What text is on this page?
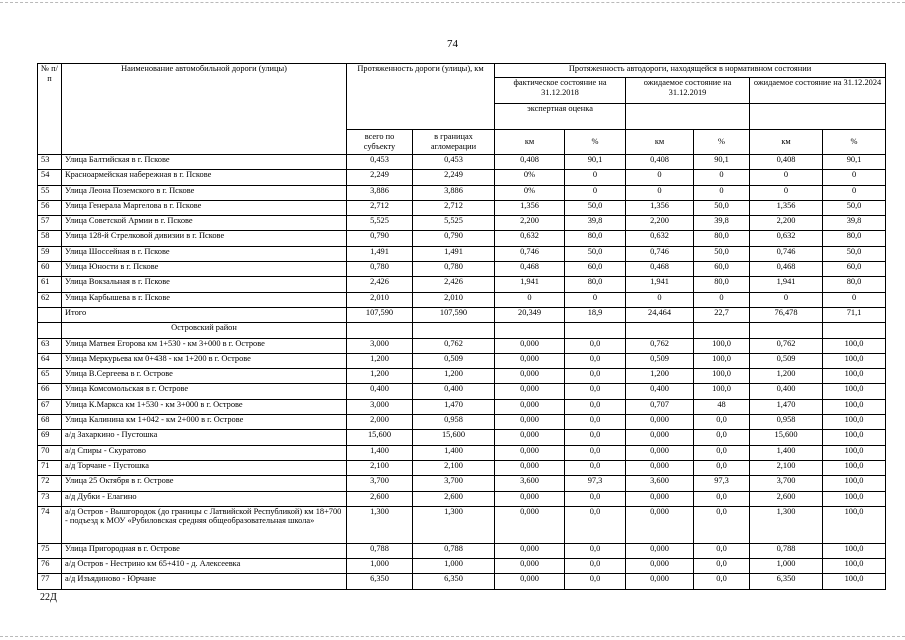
74
№ п/п	Наименование автомобильной дороги (улицы)	Протяженность дороги (улицы), км		Протяженность автодороги, находящейся в нормативном состоянии					
				фактическое состояние на 31.12.2018		ожидаемое состояние на 31.12.2019		ожидаемое состояние на 31.12.2024	
				экспертная оценка					
		всего по субъекту	в границах агломерации	км	%	км	%	км	%
53	Улица Балтийская в г. Пскове	0,453	0,453	0,408	90,1	0,408	90,1	0,408	90,1
54	Красноармейская набережная в г. Пскове	2,249	2,249	0%	0	0	0	0	0
55	Улица Леона Поземского в г. Пскове	3,886	3,886	0%	0	0	0	0	0
56	Улица Генерала Маргелова в г. Пскове	2,712	2,712	1,356	50,0	1,356	50,0	1,356	50,0
57	Улица Советской Армии в г. Пскове	5,525	5,525	2,200	39,8	2,200	39,8	2,200	39,8
58	Улица 128-й Стрелковой дивизии в г. Пскове	0,790	0,790	0,632	80,0	0,632	80,0	0,632	80,0
59	Улица Шоссейная в г. Пскове	1,491	1,491	0,746	50,0	0,746	50,0	0,746	50,0
60	Улица Юности в г. Пскове	0,780	0,780	0,468	60,0	0,468	60,0	0,468	60,0
61	Улица Вокзальная в г. Пскове	2,426	2,426	1,941	80,0	1,941	80,0	1,941	80,0
62	Улица Карбышева в г. Пскове	2,010	2,010	0	0	0	0	0	0
	Итого	107,590	107,590	20,349	18,9	24,464	22,7	76,478	71,1
	Островский район								
63	Улица Матвея Егорова км 1+530 - км 3+000 в г. Острове	3,000	0,762	0,000	0,0	0,762	100,0	0,762	100,0
64	Улица Меркурьева км 0+438 - км 1+200 в г. Острове	1,200	0,509	0,000	0,0	0,509	100,0	0,509	100,0
65	Улица В.Сергеева в г. Острове	1,200	1,200	0,000	0,0	1,200	100,0	1,200	100,0
66	Улица Комсомольская в г. Острове	0,400	0,400	0,000	0,0	0,400	100,0	0,400	100,0
67	Улица К.Маркса км 1+530 - км 3+000 в г. Острове	3,000	1,470	0,000	0,0	0,707	48	1,470	100,0
68	Улица Калинина км 1+042 - км 2+000 в г. Острове	2,000	0,958	0,000	0,0	0,000	0,0	0,958	100,0
69	а/д Захаркино - Пустошка	15,600	15,600	0,000	0,0	0,000	0,0	15,600	100,0
70	а/д Спиры - Скуратово	1,400	1,400	0,000	0,0	0,000	0,0	1,400	100,0
71	а/д Торчане - Пустошка	2,100	2,100	0,000	0,0	0,000	0,0	2,100	100,0
72	Улица 25 Октября в г. Острове	3,700	3,700	3,600	97,3	3,600	97,3	3,700	100,0
73	а/д Дубки - Елагино	2,600	2,600	0,000	0,0	0,000	0,0	2,600	100,0
74	а/д Остров - Вышгородок (до границы с Латвийской Республикой) км 18+700 - подъезд к МОУ «Рубиловская средняя общеобразовательная школа»	1,300	1,300	0,000	0,0	0,000	0,0	1,300	100,0
75	Улица Пригородная в г. Острове	0,788	0,788	0,000	0,0	0,000	0,0	0,788	100,0
76	а/д Остров - Нестрино км 65+410 - д. Алексеевка	1,000	1,000	0,000	0,0	0,000	0,0	1,000	100,0
77	а/д Изъядиново - Юрчане	6,350	6,350	0,000	0,0	0,000	0,0	6,350	100,0
22Д
